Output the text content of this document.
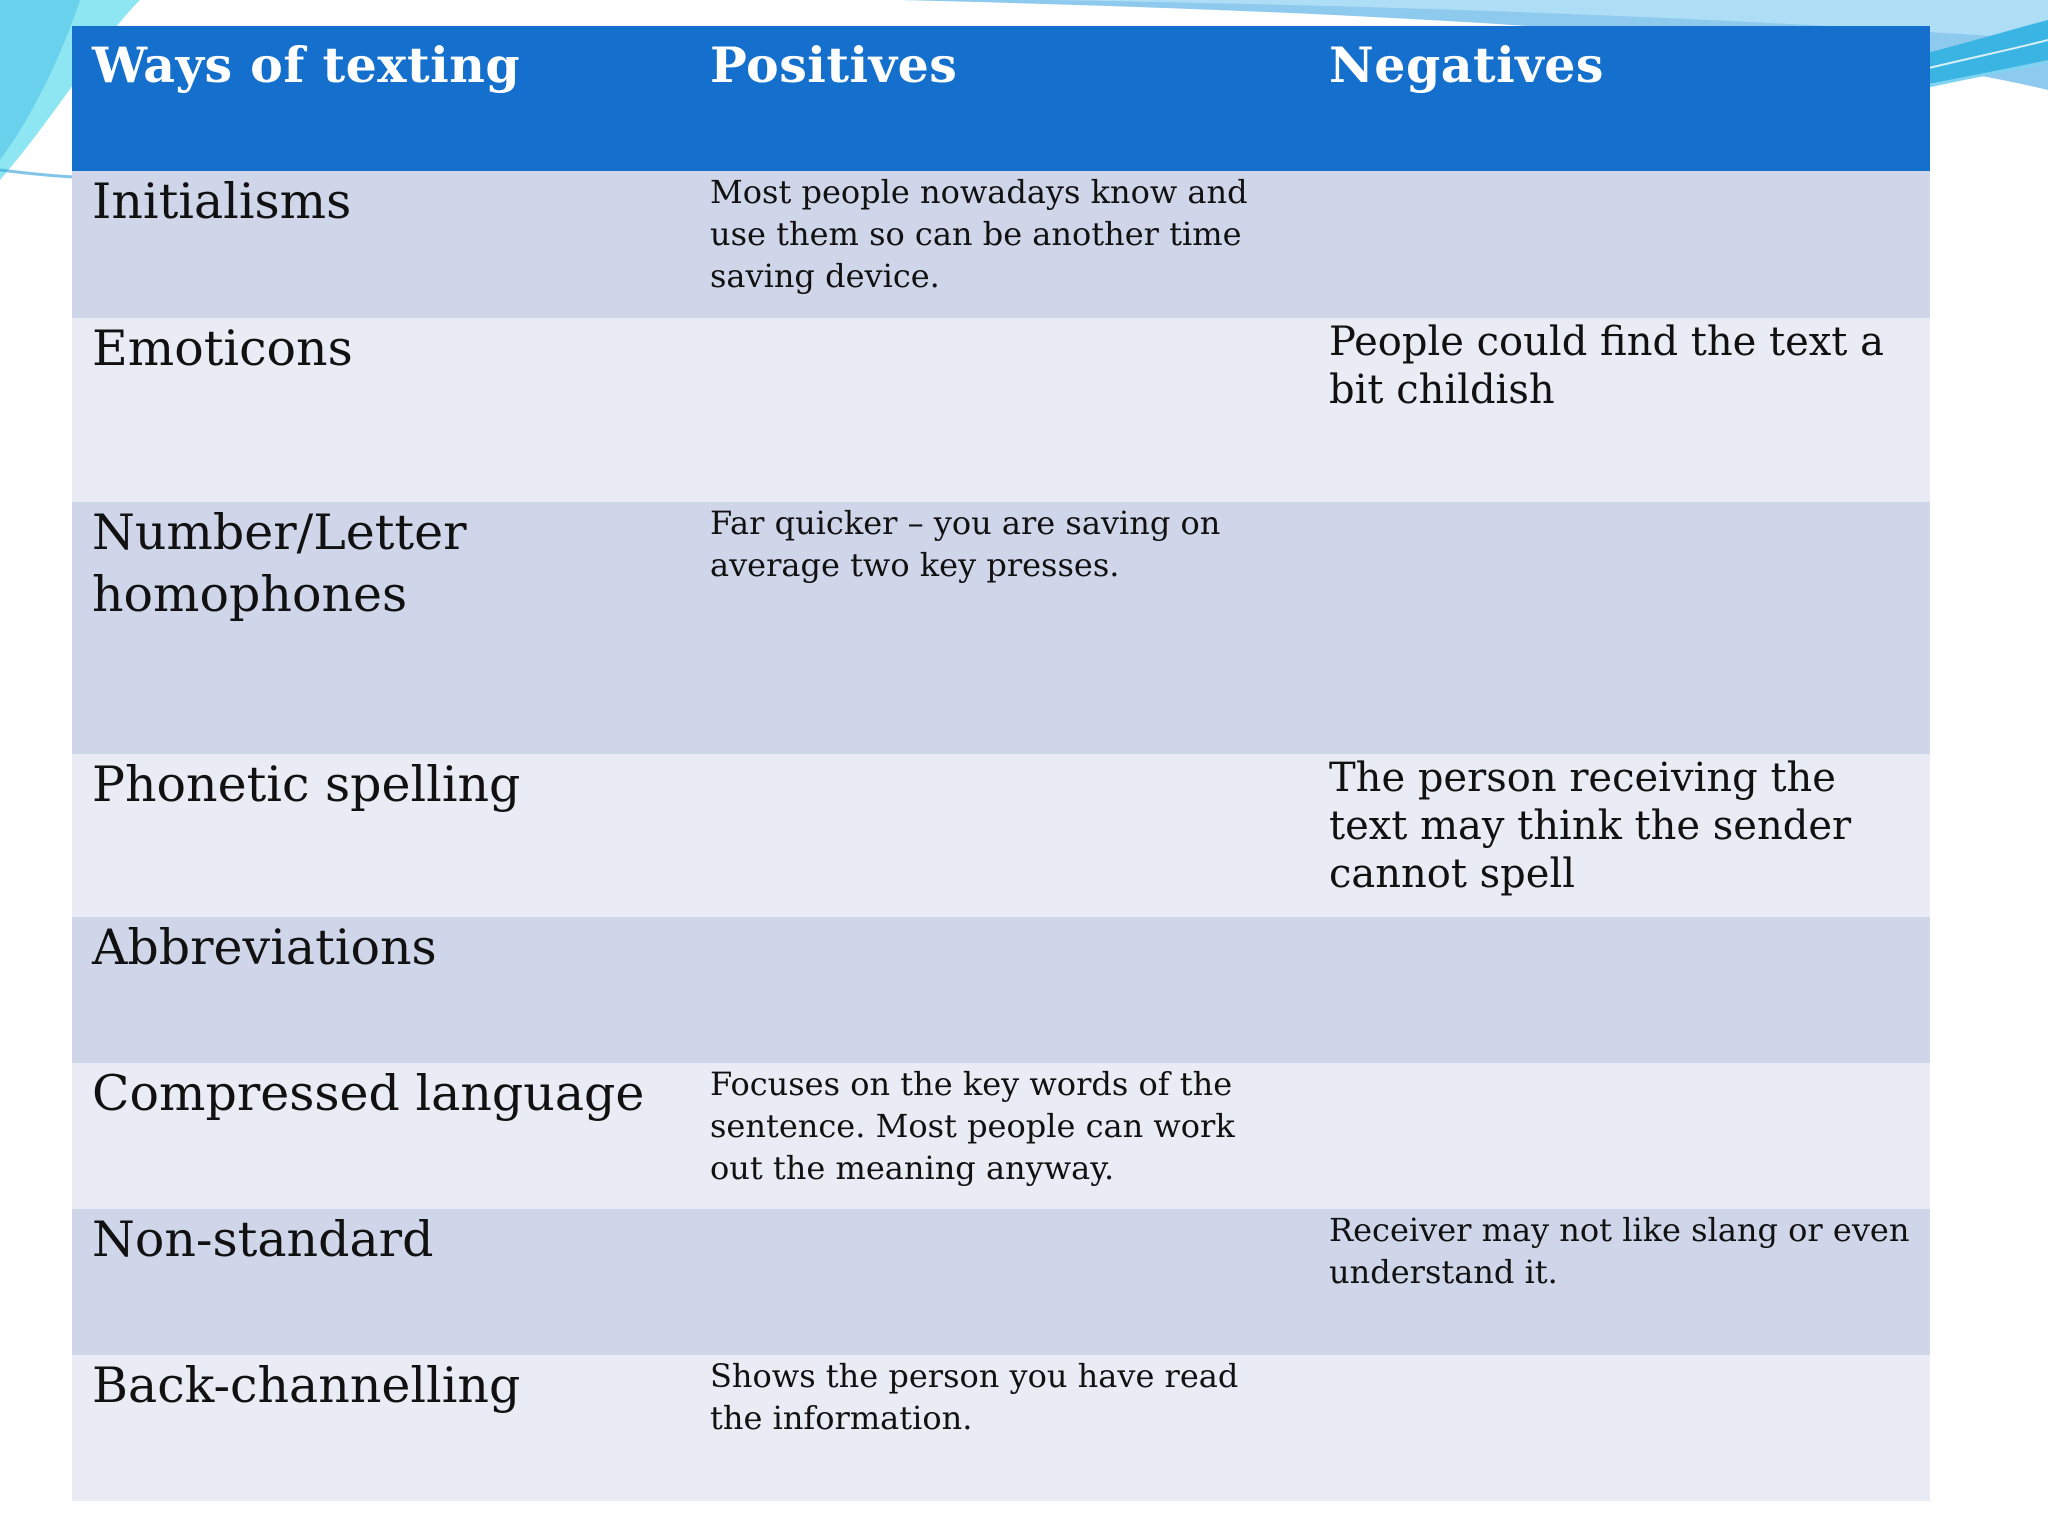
Ways of texting	Positives	Negatives
Initialisms	Most people nowadays know and use them so can be another time saving device.	
Emoticons		People could find the text a bit childish
Number/Letter homophones	Far quicker – you are saving on average two key presses.	
Phonetic spelling		The person receiving the text may think the sender cannot spell
Abbreviations		
Compressed language	Focuses on the key words of the sentence. Most people can work out the meaning anyway.	
Non-standard		Receiver may not like slang or even understand it.
Back-channelling	Shows the person you have read the information.	
